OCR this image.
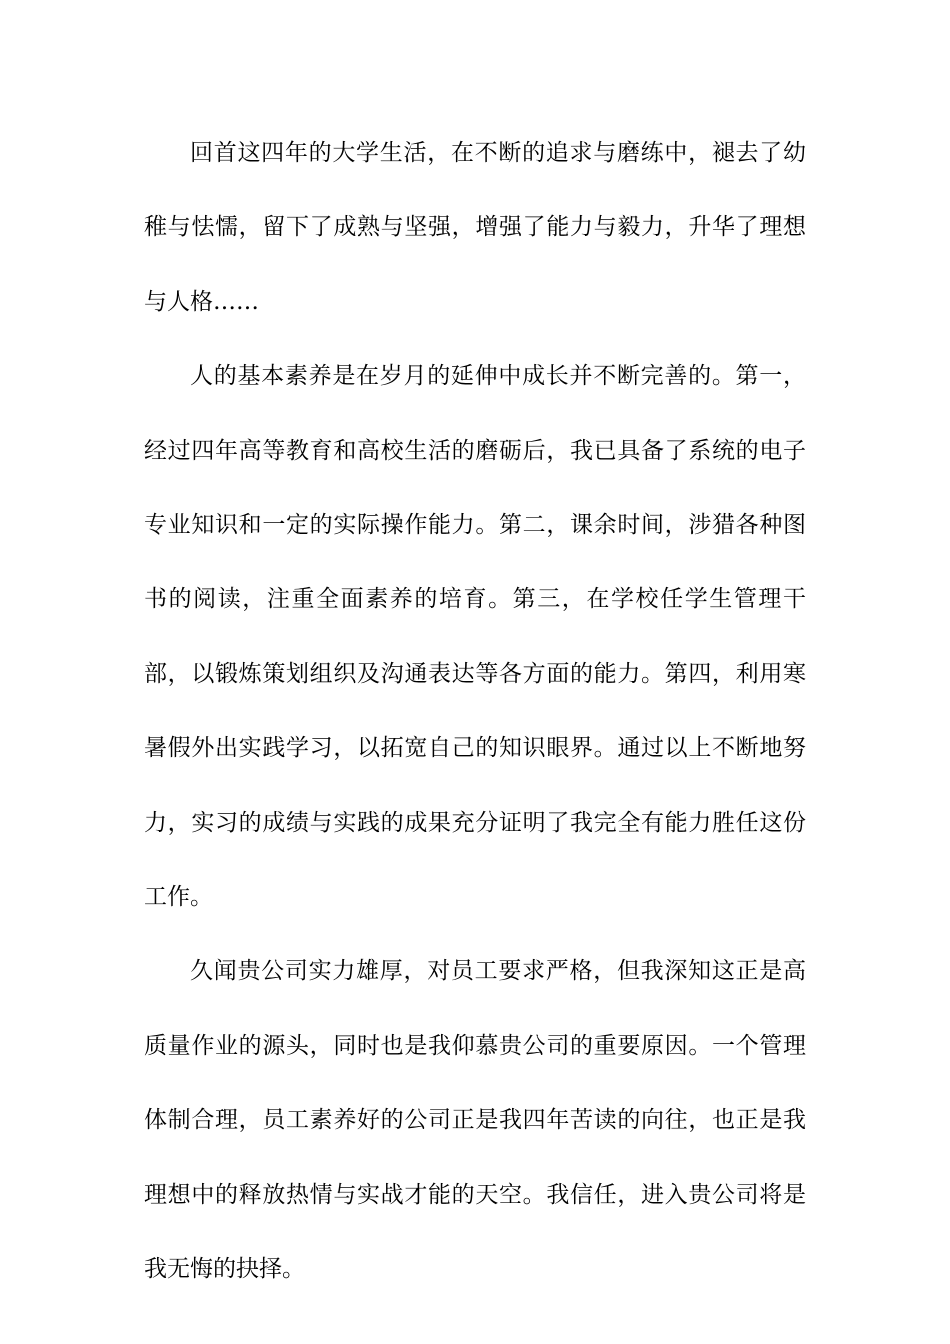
回首这四年的大学生活，在不断的追求与磨练中，褪去了幼稚与怯懦，留下了成熟与坚强，增强了能力与毅力，升华了理想与人格……

人的基本素养是在岁月的延伸中成长并不断完善的。第一，经过四年高等教育和高校生活的磨砺后，我已具备了系统的电子专业知识和一定的实际操作能力。第二，课余时间，涉猎各种图书的阅读，注重全面素养的培育。第三，在学校任学生管理干部，以锻炼策划组织及沟通表达等各方面的能力。第四，利用寒暑假外出实践学习，以拓宽自己的知识眼界。通过以上不断地努力，实习的成绩与实践的成果充分证明了我完全有能力胜任这份工作。

久闻贵公司实力雄厚，对员工要求严格，但我深知这正是高质量作业的源头，同时也是我仰慕贵公司的重要原因。一个管理体制合理，员工素养好的公司正是我四年苦读的向往，也正是我理想中的释放热情与实战才能的天空。我信任，进入贵公司将是我无悔的抉择。
